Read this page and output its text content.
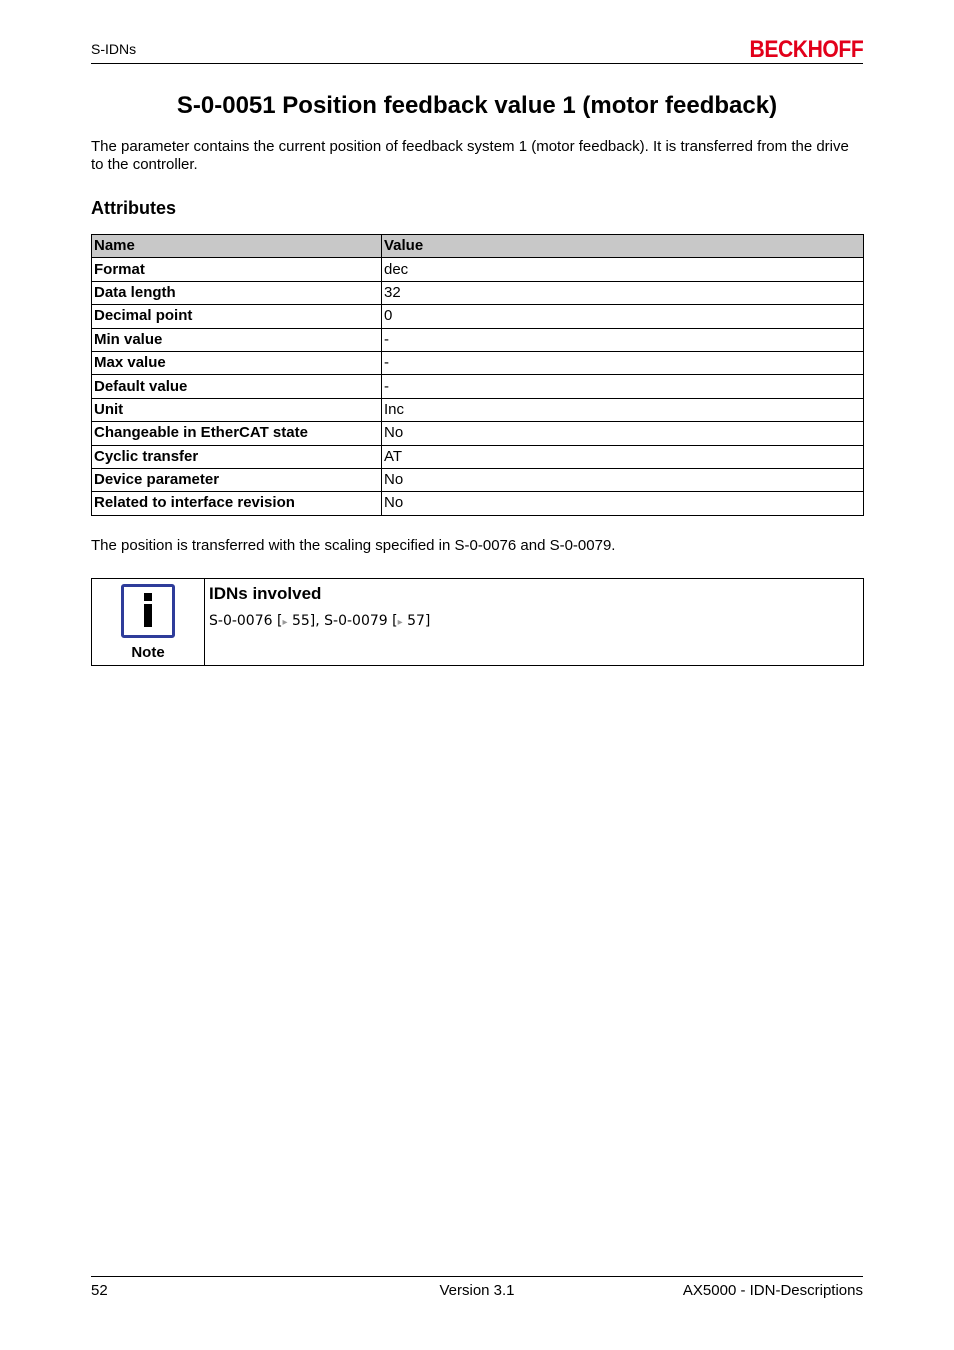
S-IDNs	BECKHOFF
S-0-0051 Position feedback value 1 (motor feedback)

The parameter contains the current position of feedback system 1 (motor feedback). It is transferred from the drive to the controller.

Attributes
Name	Value
Format	dec
Data length	32
Decimal point	0
Min value	-
Max value	-
Default value	-
Unit	Inc
Changeable in EtherCAT state	No
Cyclic transfer	AT
Device parameter	No
Related to interface revision	No

The position is transferred with the scaling specified in S-0-0076 and S-0-0079.

Note
IDNs involved
S-0-0076 [▸ 55], S-0-0079 [▸ 57]
52	Version 3.1	AX5000 - IDN-Descriptions
